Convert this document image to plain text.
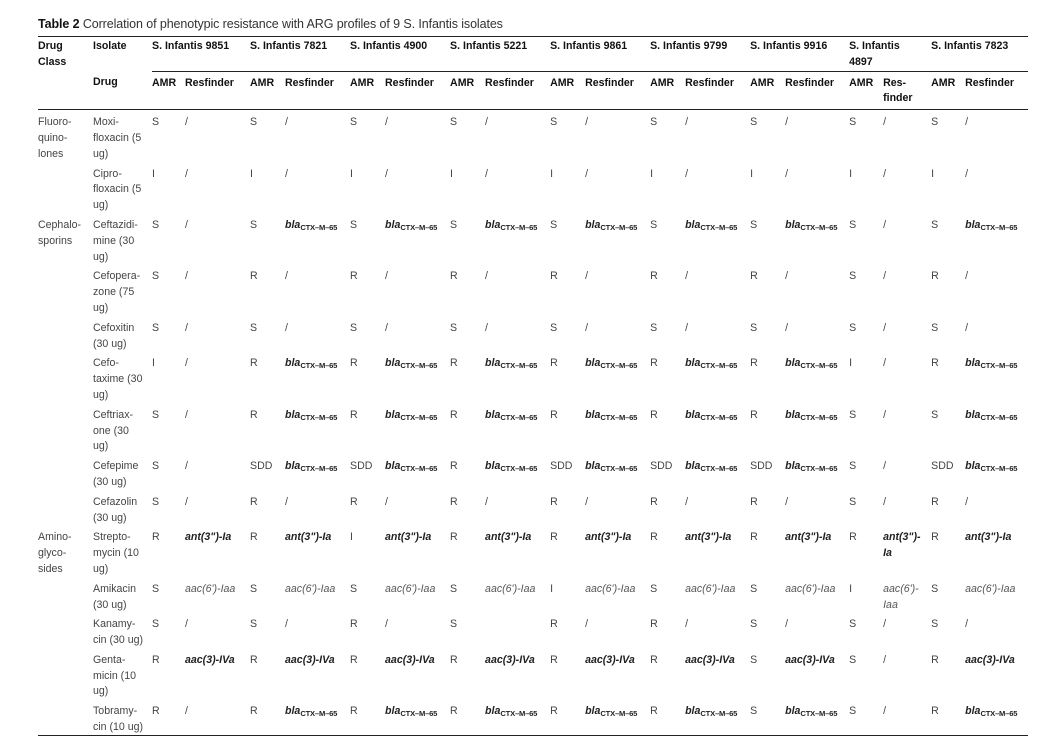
Table 2 Correlation of phenotypic resistance with ARG profiles of 9 S. Infantis isolates
Drug Class	Isolate	S. Infantis 9851		S. Infantis 7821		S. Infantis 4900		S. Infantis 5221		S. Infantis 9861		S. Infantis 9799		S. Infantis 9916		S. Infantis 4897		S. Infantis 7823	
	Drug	AMR	Resfinder	AMR	Resfinder	AMR	Resfinder	AMR	Resfinder	AMR	Resfinder	AMR	Resfinder	AMR	Resfinder	AMR	Res- finder	AMR	Resfinder
Fluoro- quino- lones	Moxi- floxacin (5 ug)	S	/	S	/	S	/	S	/	S	/	S	/	S	/	S	/	S	/

	Cipro- floxacin (5 ug)	I	/	I	/	I	/	I	/	I	/	I	/	I	/	I	/	I	/

Cephalo- sporins	Ceftazidi- mine (30 ug)	S	/	S	bla$_{CTX-M-65}$	S	bla$_{CTX-M-65}$	S	bla$_{CTX-M-65}$	S	bla$_{CTX-M-65}$	S	bla$_{CTX-M-65}$	S	bla$_{CTX-M-65}$	S	/	S	bla$_{CTX-M-65}$

	Cefopera- zone (75 ug)	S	/	R	/	R	/	R	/	R	/	R	/	R	/	S	/	R	/

	Cefoxitin (30 ug)	S	/	S	/	S	/	S	/	S	/	S	/	S	/	S	/	S	/

	Cefo- taxime (30 ug)	I	/	R	bla$_{CTX-M-65}$	R	bla$_{CTX-M-65}$	R	bla$_{CTX-M-65}$	R	bla$_{CTX-M-65}$	R	bla$_{CTX-M-65}$	R	bla$_{CTX-M-65}$	I	/	R	bla$_{CTX-M-65}$

	Ceftriax- one (30 ug)	S	/	R	bla$_{CTX-M-65}$	R	bla$_{CTX-M-65}$	R	bla$_{CTX-M-65}$	R	bla$_{CTX-M-65}$	R	bla$_{CTX-M-65}$	R	bla$_{CTX-M-65}$	S	/	S	bla$_{CTX-M-65}$

	Cefepime (30 ug)	S	/	SDD	bla$_{CTX-M-65}$	SDD	bla$_{CTX-M-65}$	R	bla$_{CTX-M-65}$	SDD	bla$_{CTX-M-65}$	SDD	bla$_{CTX-M-65}$	SDD	bla$_{CTX-M-65}$	S	/	SDD	bla$_{CTX-M-65}$

	Cefazolin (30 ug)	S	/	R	/	R	/	R	/	R	/	R	/	R	/	S	/	R	/

Amino- glyco- sides	Strepto- mycin (10 ug)	R	ant(3")-Ia	R	ant(3")-Ia	I	ant(3")-Ia	R	ant(3")-Ia	R	ant(3")-Ia	R	ant(3")-Ia	R	ant(3")-Ia	R	ant(3")- Ia	R	ant(3")-Ia

	Amikacin (30 ug)	S	aac(6')-Iaa	S	aac(6')-Iaa	S	aac(6')-Iaa	S	aac(6')-Iaa	I	aac(6')-Iaa	S	aac(6')-Iaa	S	aac(6')-Iaa	I	aac(6')- Iaa	S	aac(6')-Iaa

	Kanamy- cin (30 ug)	S	/	S	/	R	/	S		R	/	R	/	S	/	S	/	S	/

	Genta- micin (10 ug)	R	aac(3)-IVa	R	aac(3)-IVa	R	aac(3)-IVa	R	aac(3)-IVa	R	aac(3)-IVa	R	aac(3)-IVa	S	aac(3)-IVa	S	/	R	aac(3)-IVa

	Tobramy- cin (10 ug)	R	/	R	bla$_{CTX-M-65}$	R	bla$_{CTX-M-65}$	R	bla$_{CTX-M-65}$	R	bla$_{CTX-M-65}$	R	bla$_{CTX-M-65}$	S	bla$_{CTX-M-65}$	S	/	R	bla$_{CTX-M-65}$
